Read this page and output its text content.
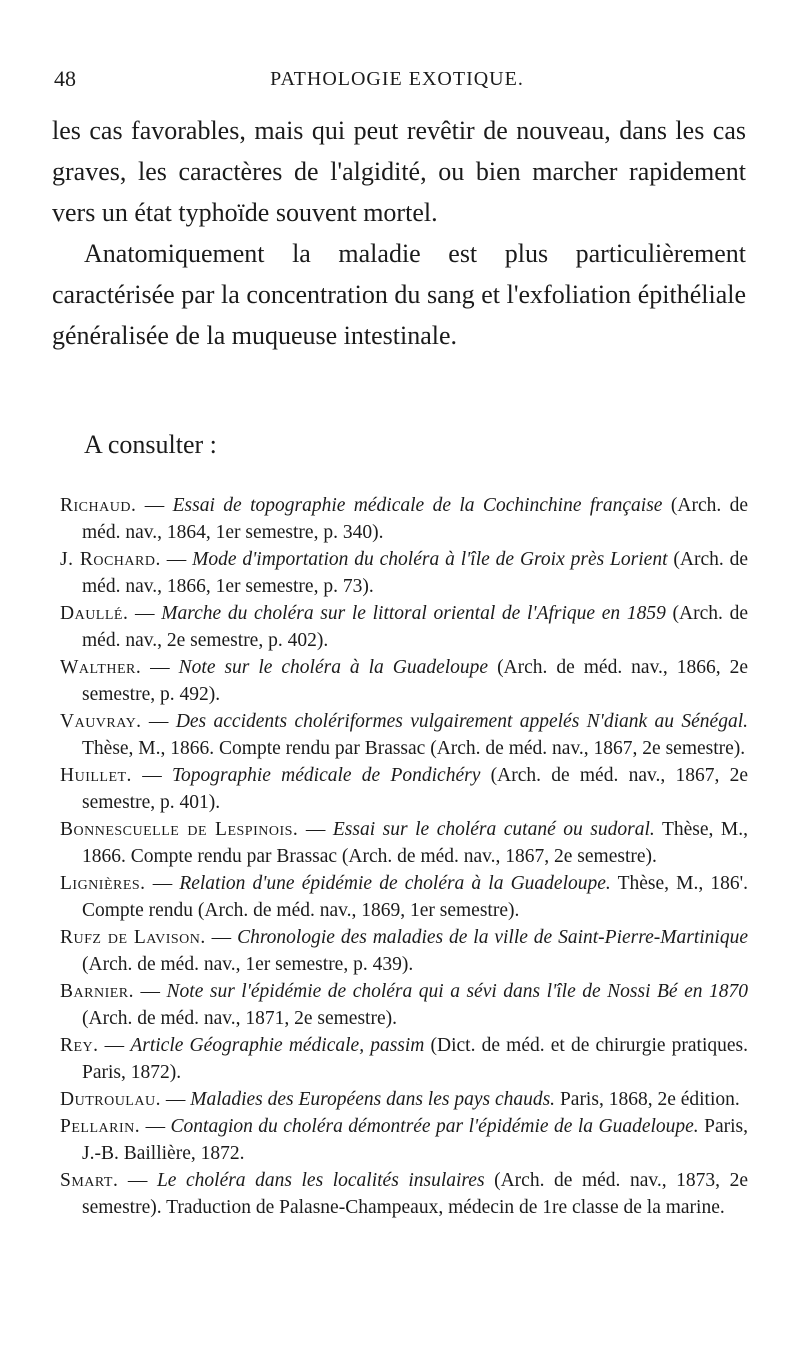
48	PATHOLOGIE EXOTIQUE.

les cas favorables, mais qui peut revêtir de nouveau, dans les cas graves, les caractères de l'algidité, ou bien marcher rapidement vers un état typhoïde souvent mortel.

Anatomiquement la maladie est plus particulièrement caractérisée par la concentration du sang et l'exfoliation épithéliale généralisée de la muqueuse intestinale.

A consulter :

Richaud. — Essai de topographie médicale de la Cochinchine française (Arch. de méd. nav., 1864, 1er semestre, p. 340).

J. Rochard. — Mode d'importation du choléra à l'île de Groix près Lorient (Arch. de méd. nav., 1866, 1er semestre, p. 73).

Daullé. — Marche du choléra sur le littoral oriental de l'Afrique en 1859 (Arch. de méd. nav., 2e semestre, p. 402).

Walther. — Note sur le choléra à la Guadeloupe (Arch. de méd. nav., 1866, 2e semestre, p. 492).

Vauvray. — Des accidents cholériformes vulgairement appelés N'diank au Sénégal. Thèse, M., 1866. Compte rendu par Brassac (Arch. de méd. nav., 1867, 2e semestre).

Huillet. — Topographie médicale de Pondichéry (Arch. de méd. nav., 1867, 2e semestre, p. 401).

Bonnescuelle de Lespinois. — Essai sur le choléra cutané ou sudoral. Thèse, M., 1866. Compte rendu par Brassac (Arch. de méd. nav., 1867, 2e semestre).

Lignières. — Relation d'une épidémie de choléra à la Guadeloupe. Thèse, M., 186'. Compte rendu (Arch. de méd. nav., 1869, 1er semestre).

Rufz de Lavison. — Chronologie des maladies de la ville de Saint-Pierre-Martinique (Arch. de méd. nav., 1er semestre, p. 439).

Barnier. — Note sur l'épidémie de choléra qui a sévi dans l'île de Nossi Bé en 1870 (Arch. de méd. nav., 1871, 2e semestre).

Rey. — Article Géographie médicale, passim (Dict. de méd. et de chirurgie pratiques. Paris, 1872).

Dutroulau. — Maladies des Européens dans les pays chauds. Paris, 1868, 2e édition.

Pellarin. — Contagion du choléra démontrée par l'épidémie de la Guadeloupe. Paris, J.-B. Baillière, 1872.

Smart. — Le choléra dans les localités insulaires (Arch. de méd. nav., 1873, 2e semestre). Traduction de Palasne-Champeaux, médecin de 1re classe de la marine.
